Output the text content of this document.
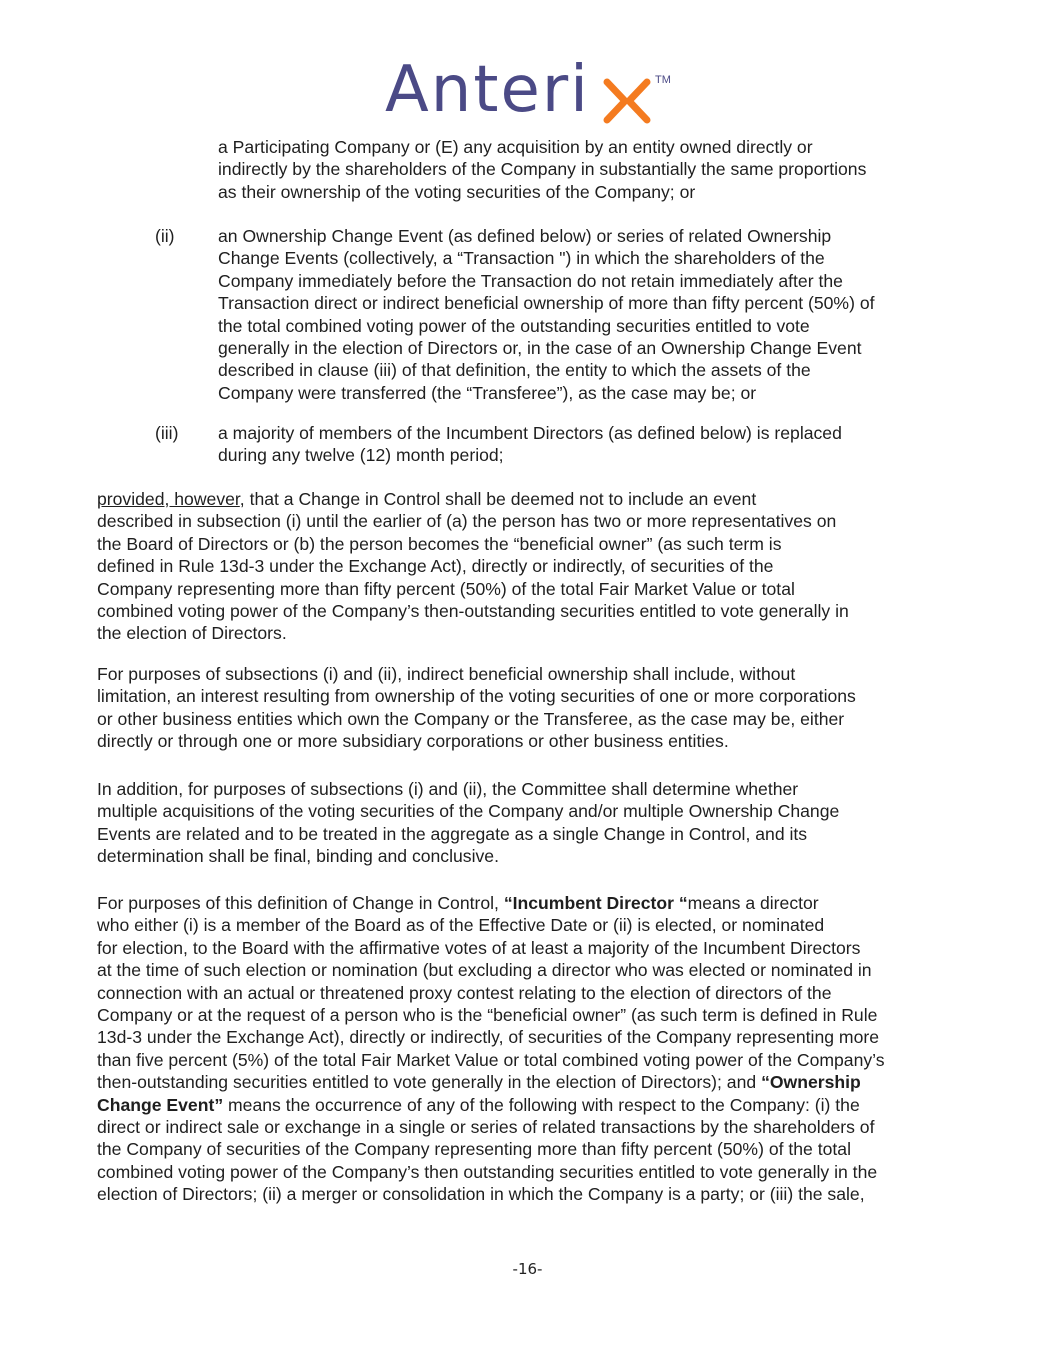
Anteri	TM

a Participating Company or (E) any acquisition by an entity owned directly or
indirectly by the shareholders of the Company in substantially the same proportions
as their ownership of the voting securities of the Company; or

(ii) an Ownership Change Event (as defined below) or series of related Ownership
Change Events (collectively, a “Transaction ") in which the shareholders of the
Company immediately before the Transaction do not retain immediately after the
Transaction direct or indirect beneficial ownership of more than fifty percent (50%) of
the total combined voting power of the outstanding securities entitled to vote
generally in the election of Directors or, in the case of an Ownership Change Event
described in clause (iii) of that definition, the entity to which the assets of the
Company were transferred (the “Transferee”), as the case may be; or

(iii) a majority of members of the Incumbent Directors (as defined below) is replaced
during any twelve (12) month period;

provided, however, that a Change in Control shall be deemed not to include an event
described in subsection (i) until the earlier of (a) the person has two or more representatives on
the Board of Directors or (b) the person becomes the “beneficial owner” (as such term is
defined in Rule 13d-3 under the Exchange Act), directly or indirectly, of securities of the
Company representing more than fifty percent (50%) of the total Fair Market Value or total
combined voting power of the Company’s then-outstanding securities entitled to vote generally in
the election of Directors.

For purposes of subsections (i) and (ii), indirect beneficial ownership shall include, without
limitation, an interest resulting from ownership of the voting securities of one or more corporations
or other business entities which own the Company or the Transferee, as the case may be, either
directly or through one or more subsidiary corporations or other business entities.

In addition, for purposes of subsections (i) and (ii), the Committee shall determine whether
multiple acquisitions of the voting securities of the Company and/or multiple Ownership Change
Events are related and to be treated in the aggregate as a single Change in Control, and its
determination shall be final, binding and conclusive.

For purposes of this definition of Change in Control, “Incumbent Director “means a director
who either (i) is a member of the Board as of the Effective Date or (ii) is elected, or nominated
for election, to the Board with the affirmative votes of at least a majority of the Incumbent Directors
at the time of such election or nomination (but excluding a director who was elected or nominated in
connection with an actual or threatened proxy contest relating to the election of directors of the
Company or at the request of a person who is the “beneficial owner” (as such term is defined in Rule
13d-3 under the Exchange Act), directly or indirectly, of securities of the Company representing more
than five percent (5%) of the total Fair Market Value or total combined voting power of the Company’s
then-outstanding securities entitled to vote generally in the election of Directors); and “Ownership
Change Event” means the occurrence of any of the following with respect to the Company: (i) the
direct or indirect sale or exchange in a single or series of related transactions by the shareholders of
the Company of securities of the Company representing more than fifty percent (50%) of the total
combined voting power of the Company’s then outstanding securities entitled to vote generally in the
election of Directors; (ii) a merger or consolidation in which the Company is a party; or (iii) the sale,

-16-
